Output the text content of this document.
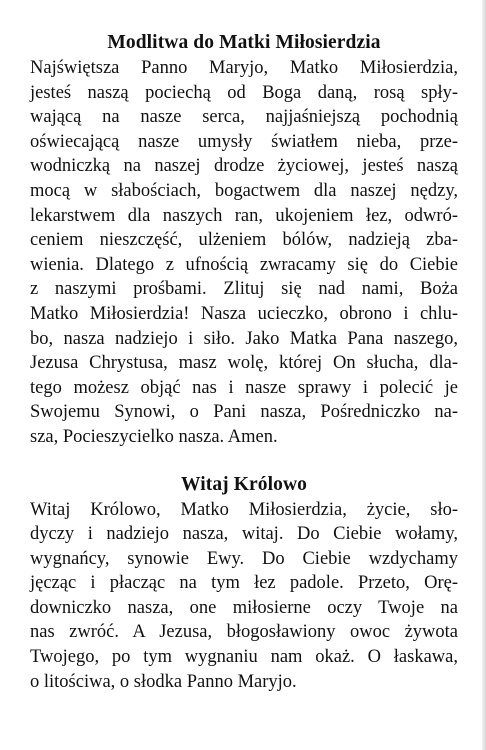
Modlitwa do Matki Miłosierdzia
Najświętsza Panno Maryjo, Matko Miłosierdzia,
jesteś naszą pociechą od Boga daną, rosą spły-
wającą na nasze serca, najjaśniejszą pochodnią
oświecającą nasze umysły światłem nieba, prze-
wodniczką na naszej drodze życiowej, jesteś naszą
mocą w słabościach, bogactwem dla naszej nędzy,
lekarstwem dla naszych ran, ukojeniem łez, odwró-
ceniem nieszczęść, ulżeniem bólów, nadzieją zba-
wienia. Dlatego z ufnością zwracamy się do Ciebie
z naszymi prośbami. Zlituj się nad nami, Boża
Matko Miłosierdzia! Nasza ucieczko, obrono i chlu-
bo, nasza nadziejo i siło. Jako Matka Pana naszego,
Jezusa Chrystusa, masz wolę, której On słucha, dla-
tego możesz objąć nas i nasze sprawy i polecić je
Swojemu Synowi, o Pani nasza, Pośredniczko na-
sza, Pocieszycielko nasza. Amen.
Witaj Królowo
Witaj Królowo, Matko Miłosierdzia, życie, sło-
dyczy i nadziejo nasza, witaj. Do Ciebie wołamy,
wygnańcy, synowie Ewy. Do Ciebie wzdychamy
jęcząc i płacząc na tym łez padole. Przeto, Orę-
downiczko nasza, one miłosierne oczy Twoje na
nas zwróć. A Jezusa, błogosławiony owoc żywota
Twojego, po tym wygnaniu nam okaż. O łaskawa,
o litościwa, o słodka Panno Maryjo.
